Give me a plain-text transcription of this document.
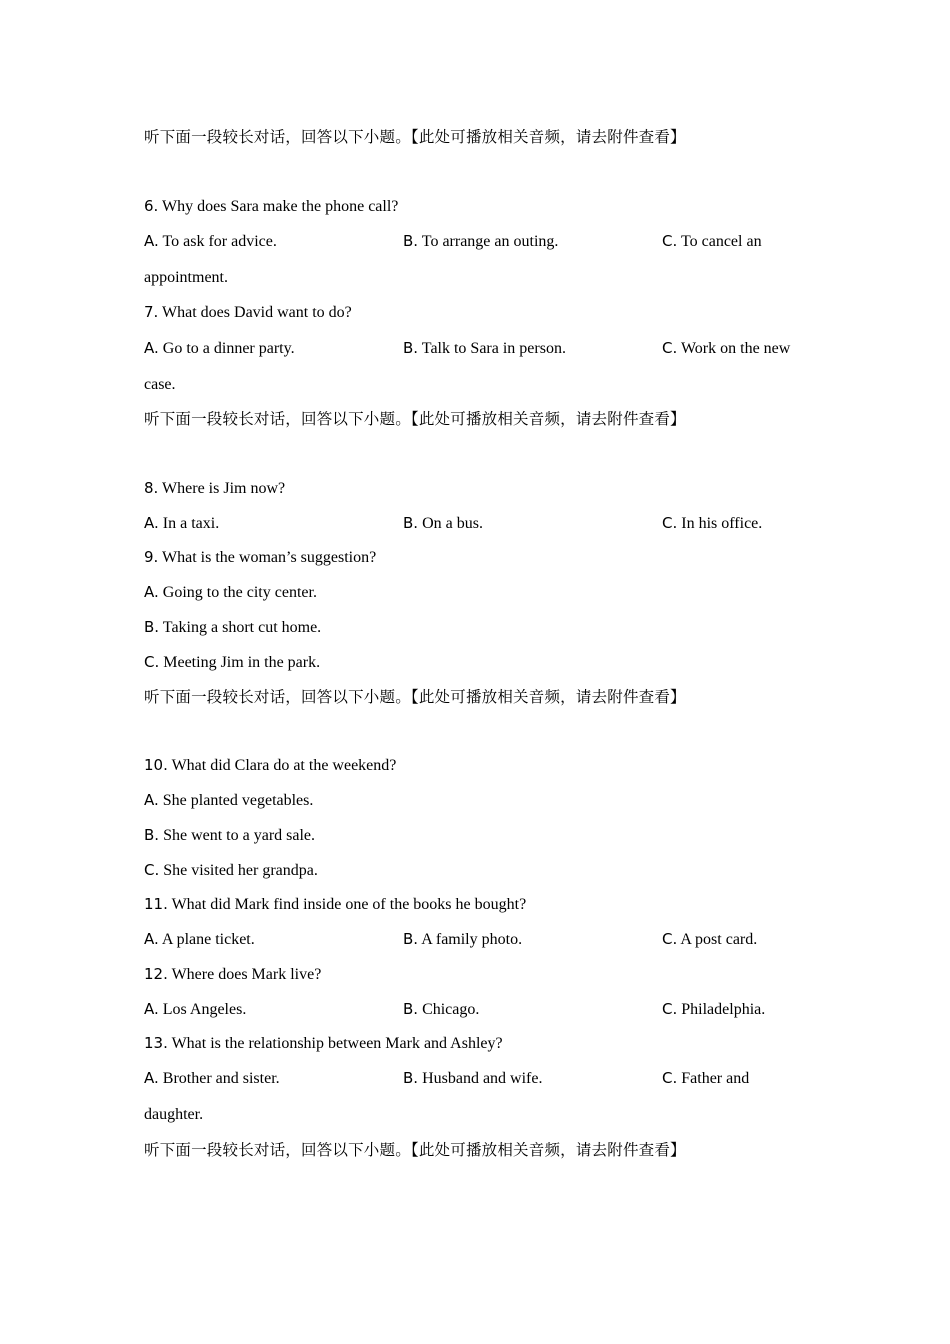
听下面一段较长对话，回答以下小题。【此处可播放相关音频，请去附件查看】
6. Why does Sara make the phone call?
A. To ask for advice.	B. To arrange an outing.	C. To cancel an
appointment.
7. What does David want to do?
A. Go to a dinner party.	B. Talk to Sara in person.	C. Work on the new
case.
听下面一段较长对话，回答以下小题。【此处可播放相关音频，请去附件查看】
8. Where is Jim now?
A. In a taxi.	B. On a bus.	C. In his office.
9. What is the woman’s suggestion?
A. Going to the city center.
B. Taking a short cut home.
C. Meeting Jim in the park.
听下面一段较长对话，回答以下小题。【此处可播放相关音频，请去附件查看】
10. What did Clara do at the weekend?
A. She planted vegetables.
B. She went to a yard sale.
C. She visited her grandpa.
11. What did Mark find inside one of the books he bought?
A. A plane ticket.	B. A family photo.	C. A post card.
12. Where does Mark live?
A. Los Angeles.	B. Chicago.	C. Philadelphia.
13. What is the relationship between Mark and Ashley?
A. Brother and sister.	B. Husband and wife.	C. Father and
daughter.
听下面一段较长对话，回答以下小题。【此处可播放相关音频，请去附件查看】
